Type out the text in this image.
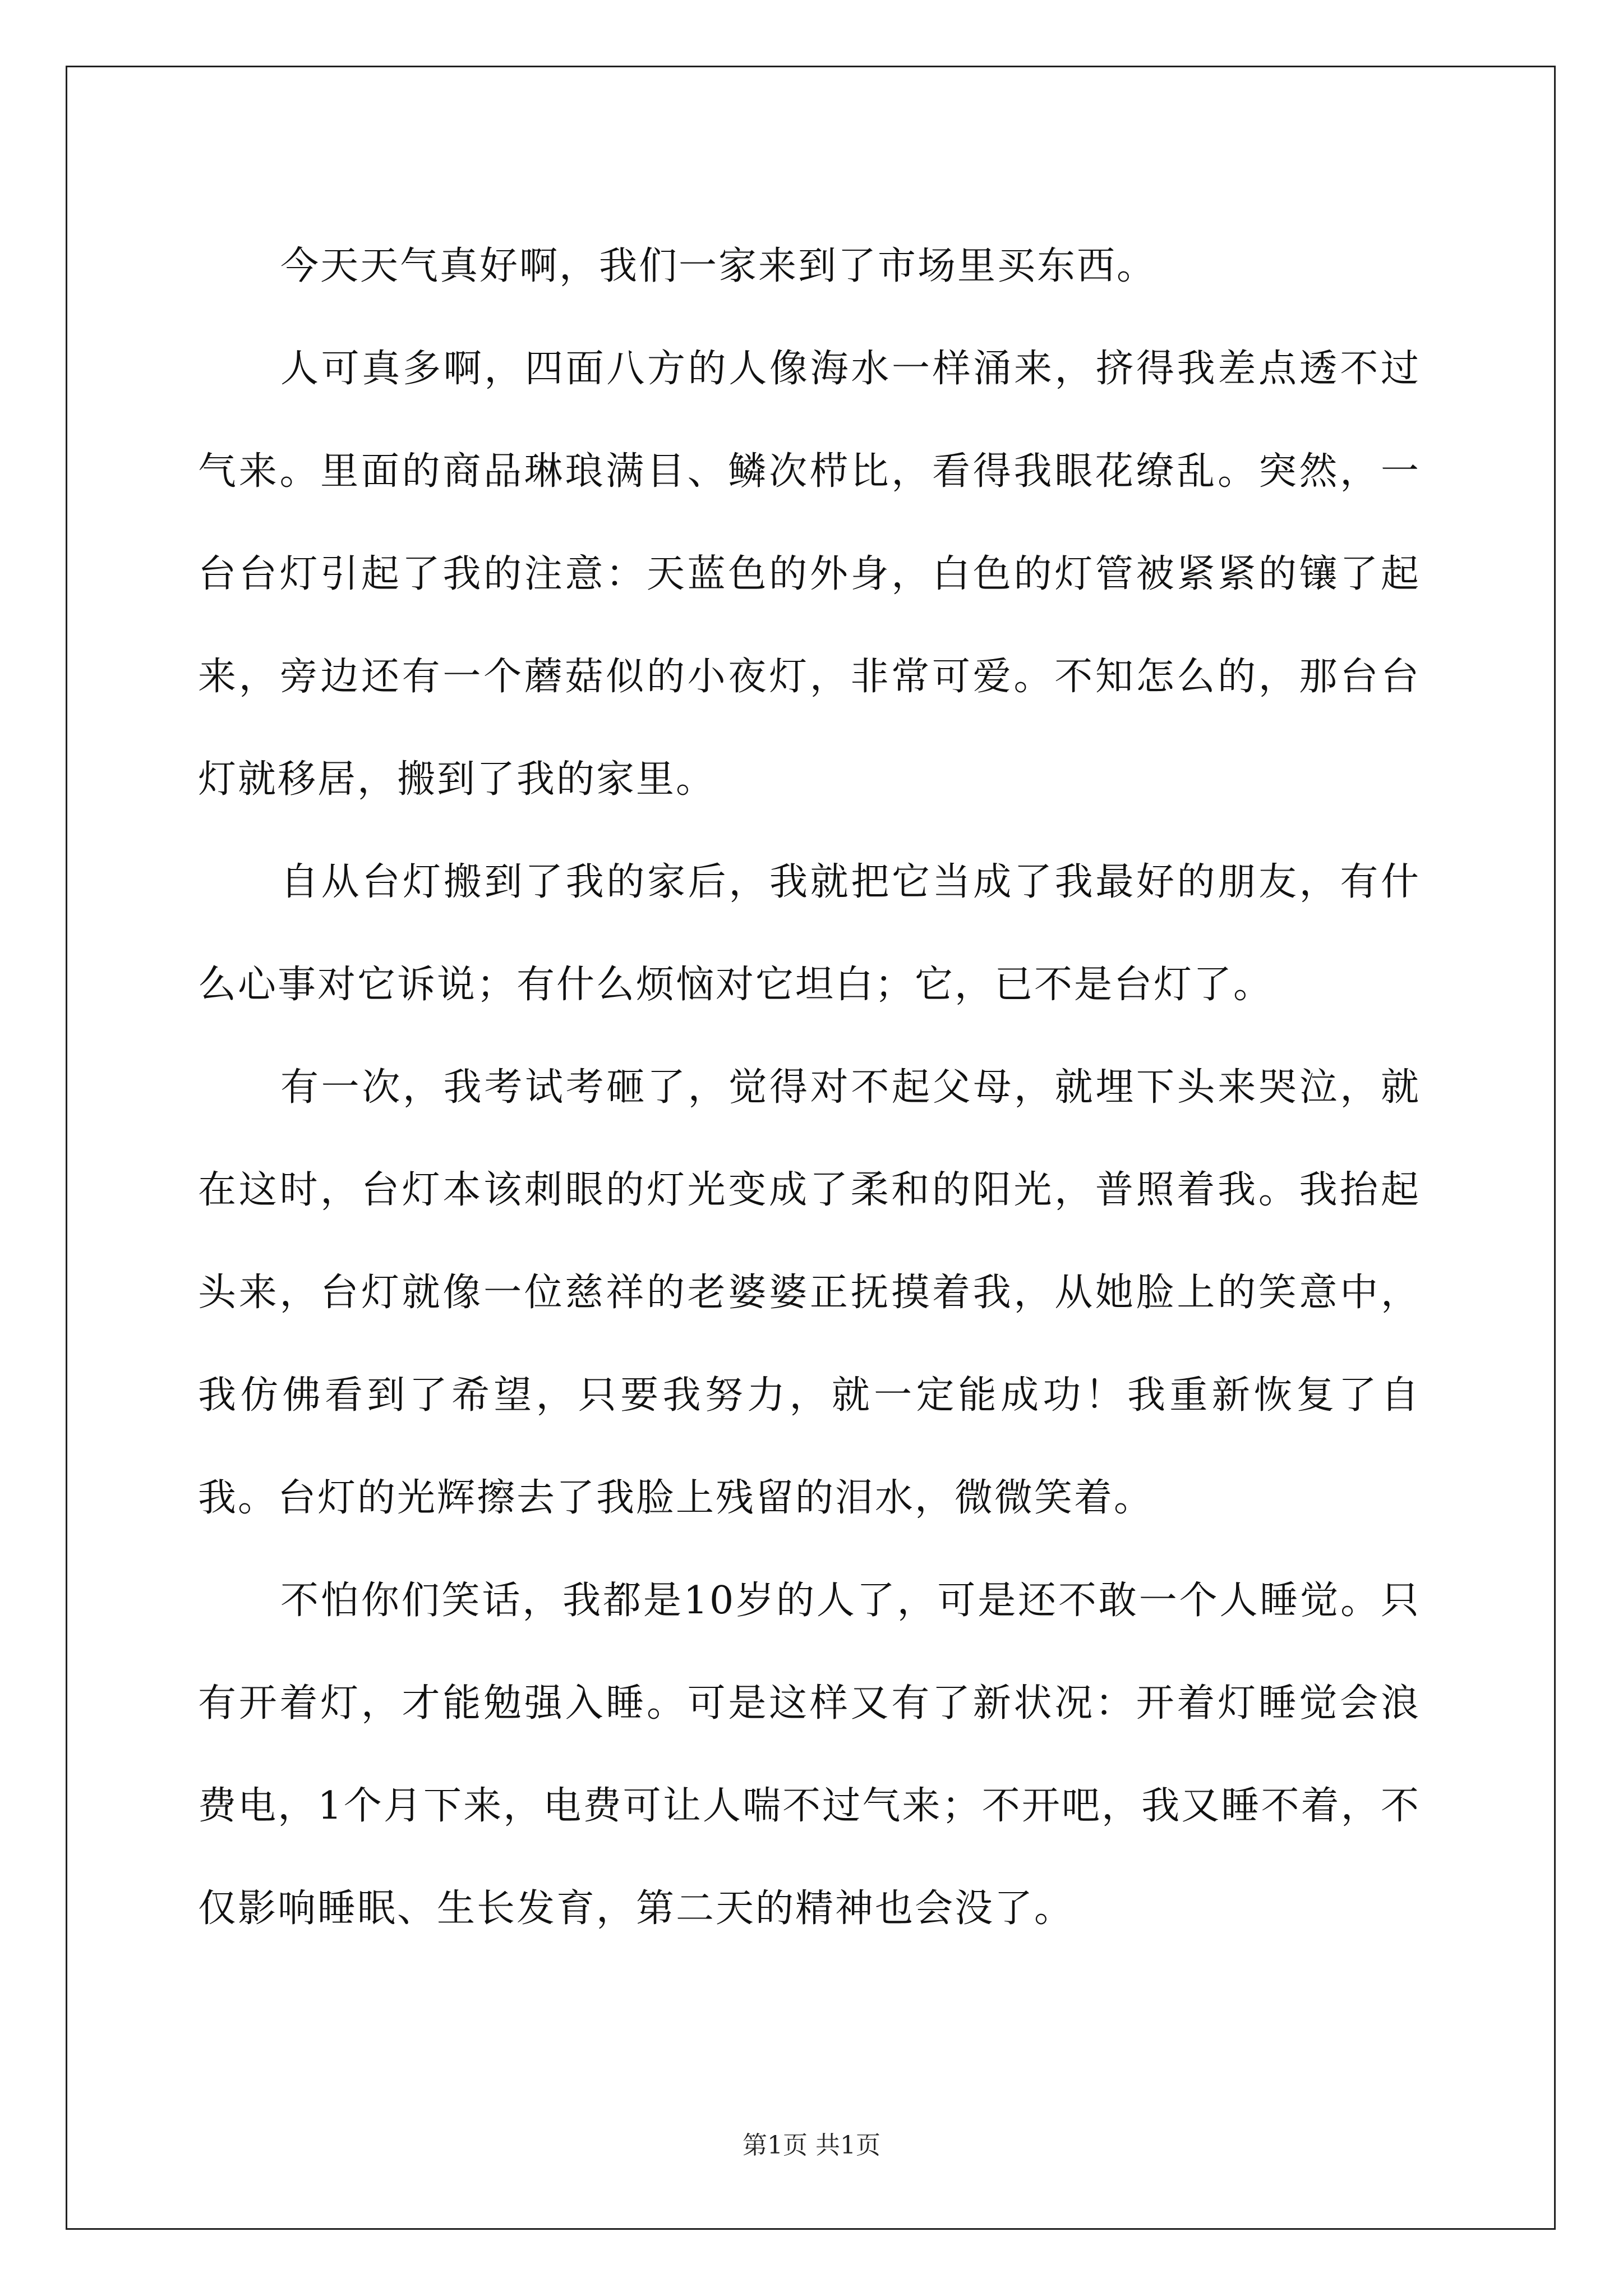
今天天气真好啊，我们一家来到了市场里买东西。

人可真多啊，四面八方的人像海水一样涌来，挤得我差点透不过气来。里面的商品琳琅满目、鳞次栉比，看得我眼花缭乱。突然，一台台灯引起了我的注意：天蓝色的外身，白色的灯管被紧紧的镶了起来，旁边还有一个蘑菇似的小夜灯，非常可爱。不知怎么的，那台台灯就移居，搬到了我的家里。

自从台灯搬到了我的家后，我就把它当成了我最好的朋友，有什么心事对它诉说；有什么烦恼对它坦白；它，已不是台灯了。

有一次，我考试考砸了，觉得对不起父母，就埋下头来哭泣，就在这时，台灯本该刺眼的灯光变成了柔和的阳光，普照着我。我抬起头来，台灯就像一位慈祥的老婆婆正抚摸着我，从她脸上的笑意中，我仿佛看到了希望，只要我努力，就一定能成功！我重新恢复了自我。台灯的光辉擦去了我脸上残留的泪水，微微笑着。

不怕你们笑话，我都是10岁的人了，可是还不敢一个人睡觉。只有开着灯，才能勉强入睡。可是这样又有了新状况：开着灯睡觉会浪费电，1个月下来，电费可让人喘不过气来；不开吧，我又睡不着，不仅影响睡眠、生长发育，第二天的精神也会没了。

第1页 共1页
